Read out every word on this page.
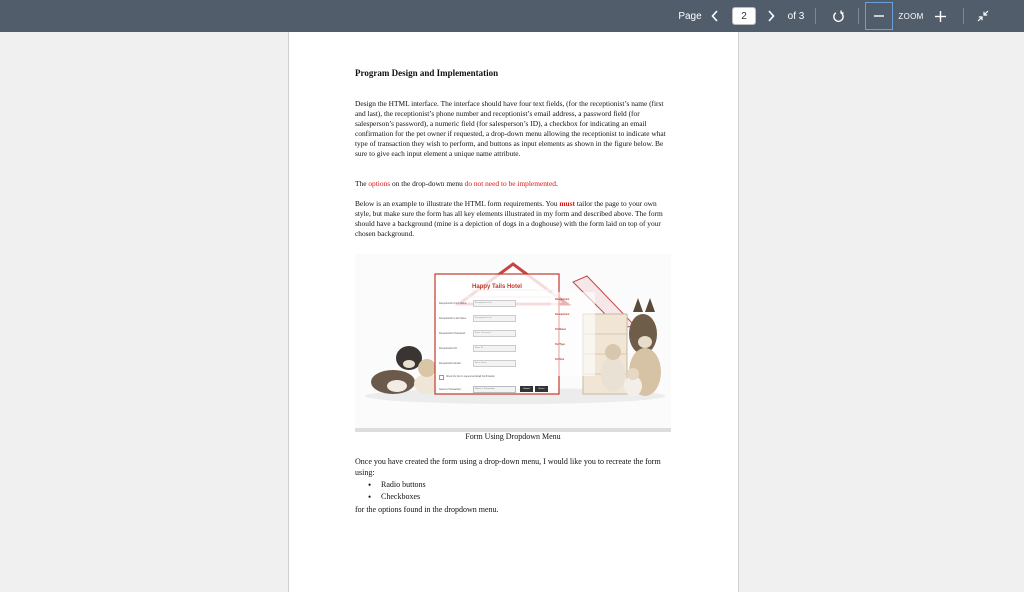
Page
2	of 3	ZOOM
Program Design and Implementation

Design the HTML interface. The interface should have four text fields, (for the receptionist’s name (first and last), the receptionist’s phone number and receptionist’s email address, a password field (for salesperson’s password), a numeric field (for salesperson’s ID), a checkbox for indicating an email confirmation for the pet owner if requested, a drop-down menu allowing the receptionist to indicate what type of transaction they wish to perform, and buttons as input elements as shown in the figure below. Be sure to give each input element a unique name attribute.

The options on the drop-down menu do not need to be implemented.

Below is an example to illustrate the HTML form requirements. You must tailor the page to your own style, but make sure the form has all key elements illustrated in my form and described above. The form should have a background (mine is a depiction of dogs in a doghouse) with the form laid on top of your chosen background.

Happy Tails Hotel
Receptionist's First Name:	Receptionist First
Receptionist's Last Name:	Receptionist Last
Receptionist's Password:	Enter Password
Receptionist's ID:	Enter ID
Receptionist's Email:	Enter Email
Check the box to request an Email Confirmation
Select a Transaction:	Select a Transaction	Submit	Reset
Receptionist
Receptionist
Pet Name
Pet Type
Pet Size
Form Using Dropdown Menu

Once you have created the form using a drop-down menu, I would like you to recreate the form using:

• Radio buttons
• Checkboxes

for the options found in the dropdown menu.
